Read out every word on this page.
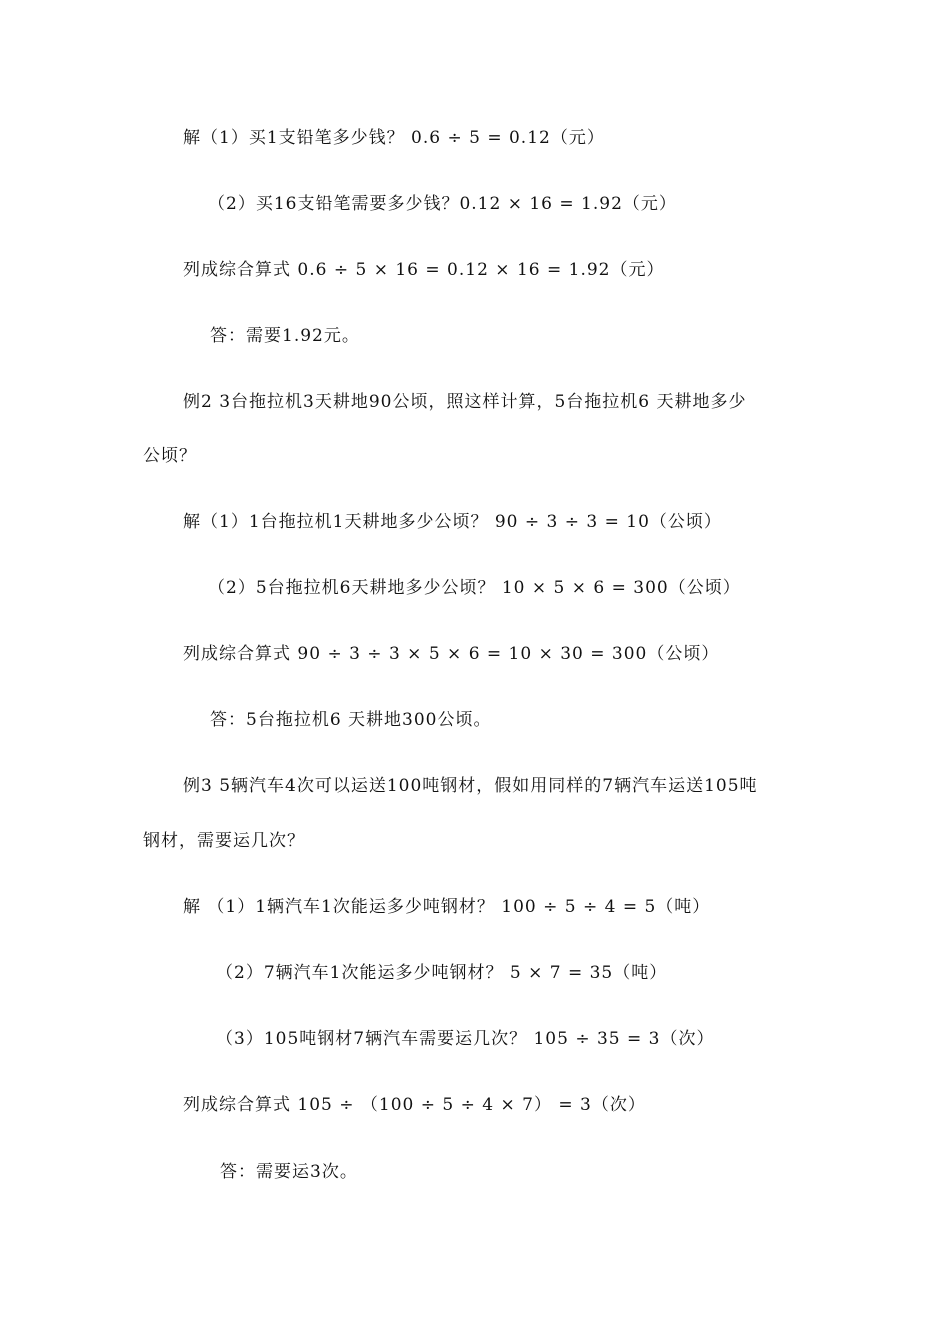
解（1）买1支铅笔多少钱？ 0.6 ÷ 5 = 0.12（元）
（2）买16支铅笔需要多少钱？0.12 × 16 = 1.92（元）
列成综合算式 0.6 ÷ 5 × 16 = 0.12 × 16 = 1.92（元）
答：需要1.92元。
例2 3台拖拉机3天耕地90公顷，照这样计算，5台拖拉机6 天耕地多少
公顷？
解（1）1台拖拉机1天耕地多少公顷？ 90 ÷ 3 ÷ 3 = 10（公顷）
（2）5台拖拉机6天耕地多少公顷？ 10 × 5 × 6 = 300（公顷）
列成综合算式 90 ÷ 3 ÷ 3 × 5 × 6 = 10 × 30 = 300（公顷）
答：5台拖拉机6 天耕地300公顷。
例3 5辆汽车4次可以运送100吨钢材，假如用同样的7辆汽车运送105吨
钢材，需要运几次？
解 （1）1辆汽车1次能运多少吨钢材？ 100 ÷ 5 ÷ 4 = 5（吨）
（2）7辆汽车1次能运多少吨钢材？ 5 × 7 = 35（吨）
（3）105吨钢材7辆汽车需要运几次？ 105 ÷ 35 = 3（次）
列成综合算式 105 ÷ （100 ÷ 5 ÷ 4 × 7） = 3（次）
答：需要运3次。
